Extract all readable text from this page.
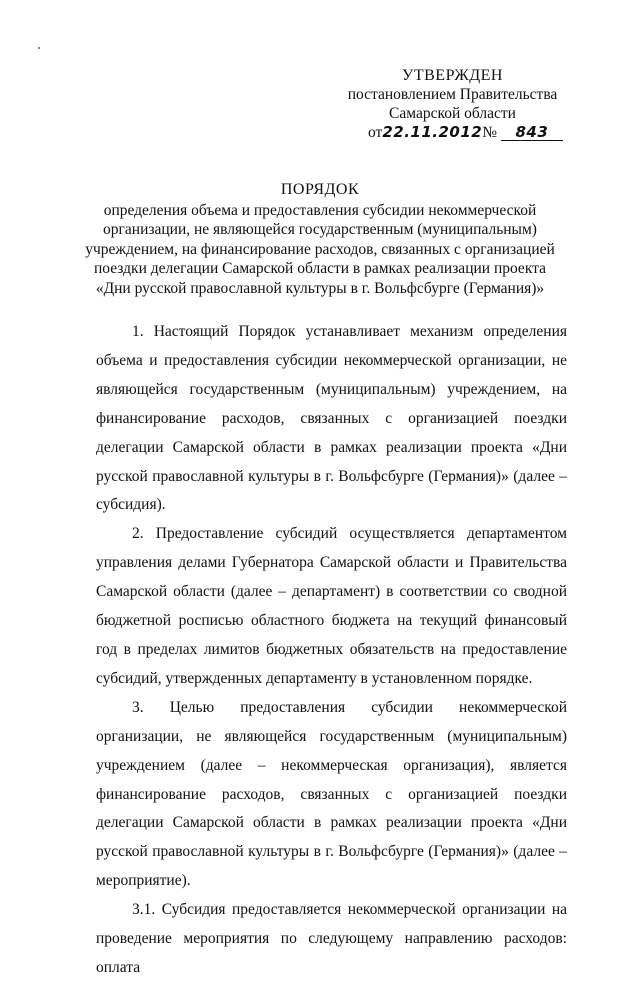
УТВЕРЖДЕН
постановлением Правительства
Самарской области
от22.11.2012№ 843
ПОРЯДОК
определения объема и предоставления субсидии некоммерческой
организации, не являющейся государственным (муниципальным)
учреждением, на финансирование расходов, связанных с организацией
поездки делегации Самарской области в рамках реализации проекта
«Дни русской православной культуры в г. Вольфсбурге (Германия)»

1. Настоящий Порядок устанавливает механизм определения объема и предоставления субсидии некоммерческой организации, не являющейся государственным (муниципальным) учреждением, на финансирование расходов, связанных с организацией поездки делегации Самарской области в рамках реализации проекта «Дни русской православной культуры в г. Вольфсбурге (Германия)» (далее – субсидия).

2. Предоставление субсидий осуществляется департаментом управления делами Губернатора Самарской области и Правительства Самарской области (далее – департамент) в соответствии со сводной бюджетной росписью областного бюджета на текущий финансовый год в пределах лимитов бюджетных обязательств на предоставление субсидий, утвержденных департаменту в установленном порядке.

3. Целью предоставления субсидии некоммерческой организации, не являющейся государственным (муниципальным) учреждением (далее – некоммерческая организация), является финансирование расходов, связанных с организацией поездки делегации Самарской области в рамках реализации проекта «Дни русской православной культуры в г. Вольфсбурге (Германия)» (далее – мероприятие).

3.1. Субсидия предоставляется некоммерческой организации на проведение мероприятия по следующему направлению расходов: оплата
